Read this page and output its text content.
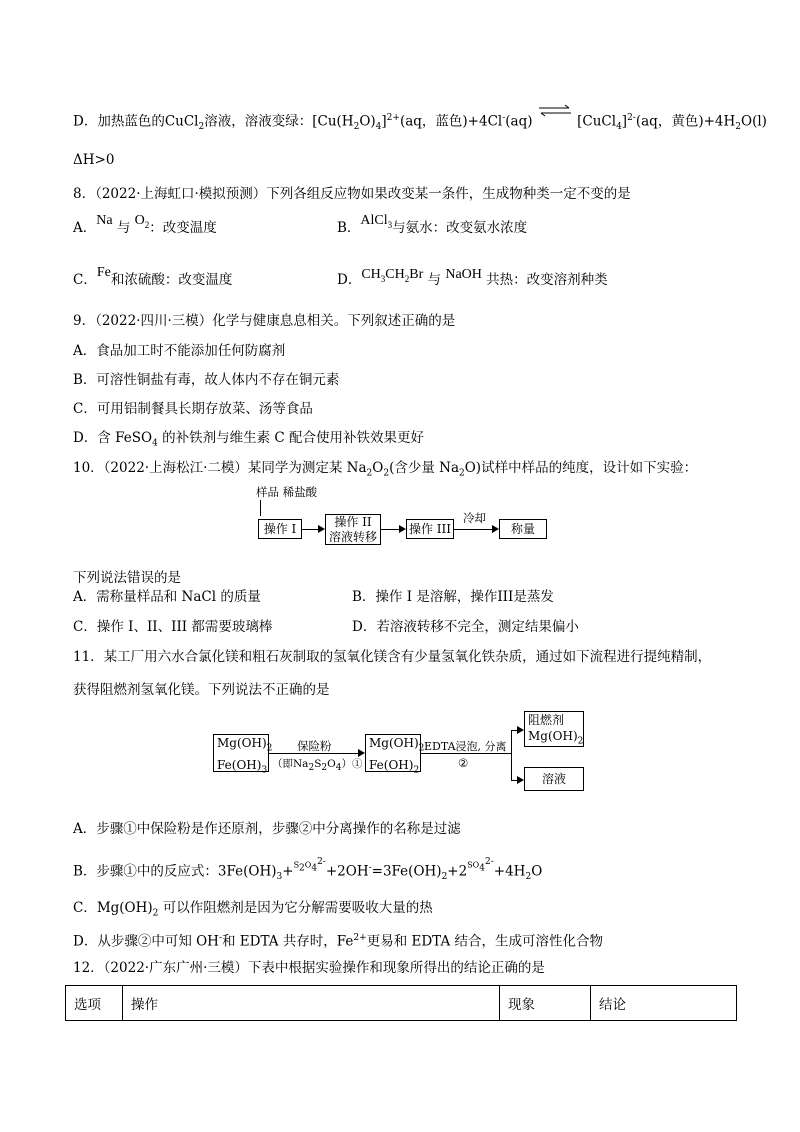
D．加热蓝色的CuCl$_2$溶液，溶液变绿：$[Cu(H_2O)_4]^{2+}(aq$，蓝色)+4Cl-(aq) ⇌ [CuCl$_4$]$^{2-}$(aq，黄色)$+4H_2O(l)$
ΔH>0
8．（2022·上海虹口·模拟预测）下列各组反应物如果改变某一条件，生成物种类一定不变的是
A．Na 与 $O_2$：改变温度	B．AlCl$_3$与氨水：改变氨水浓度
C．Fe和浓硫酸：改变温度	D．$CH_3CH_2Br$ 与 NaOH 共热：改变溶剂种类
9．（2022·四川·三模）化学与健康息息相关。下列叙述正确的是
A．食品加工时不能添加任何防腐剂
B．可溶性铜盐有毒，故人体内不存在铜元素
C．可用铝制餐具长期存放菜、汤等食品
D．含 FeSO$_4$ 的补铁剂与维生素 C 配合使用补铁效果更好
10．（2022·上海松江·二模）某同学为测定某 $Na_2O_2$(含少量 $Na_2O$)试样中样品的纯度，设计如下实验：
样品 稀盐酸
操作 I	操作 II
溶液转移
操作 III
冷却
称量
下列说法错误的是
A．需称量样品和 NaCl 的质量	B．操作 I 是溶解，操作III是蒸发
C．操作 I、II、III 都需要玻璃棒	D．若溶液转移不完全，测定结果偏小
11．某工厂用六水合氯化镁和粗石灰制取的氢氧化镁含有少量氢氧化铁杂质，通过如下流程进行提纯精制，
获得阻燃剂氢氧化镁。下列说法不正确的是
$Mg(OH)_2$
$Fe(OH)_3$
保险粉
（即$Na_2S_2O_4)①$
$Mg(OH)_2$
$Fe(OH)_2$
EDTA浸泡, 分离
②
阻燃剂
$Mg(OH)_2$
溶液
A．步骤①中保险粉是作还原剂，步骤②中分离操作的名称是过滤
B．步骤①中的反应式：$3Fe(OH)_3+S_2O_4^{2-}+2OH^-=3Fe(OH)_2+2SO_4^{2-}+4H_2O$
C．$Mg(OH)_2$ 可以作阻燃剂是因为它分解需要吸收大量的热
D．从步骤②中可知 OH-和 EDTA 共存时，$Fe^{2+}$更易和 EDTA 结合，生成可溶性化合物
12．（2022·广东广州·三模）下表中根据实验操作和现象所得出的结论正确的是
选项	操作	现象	结论
